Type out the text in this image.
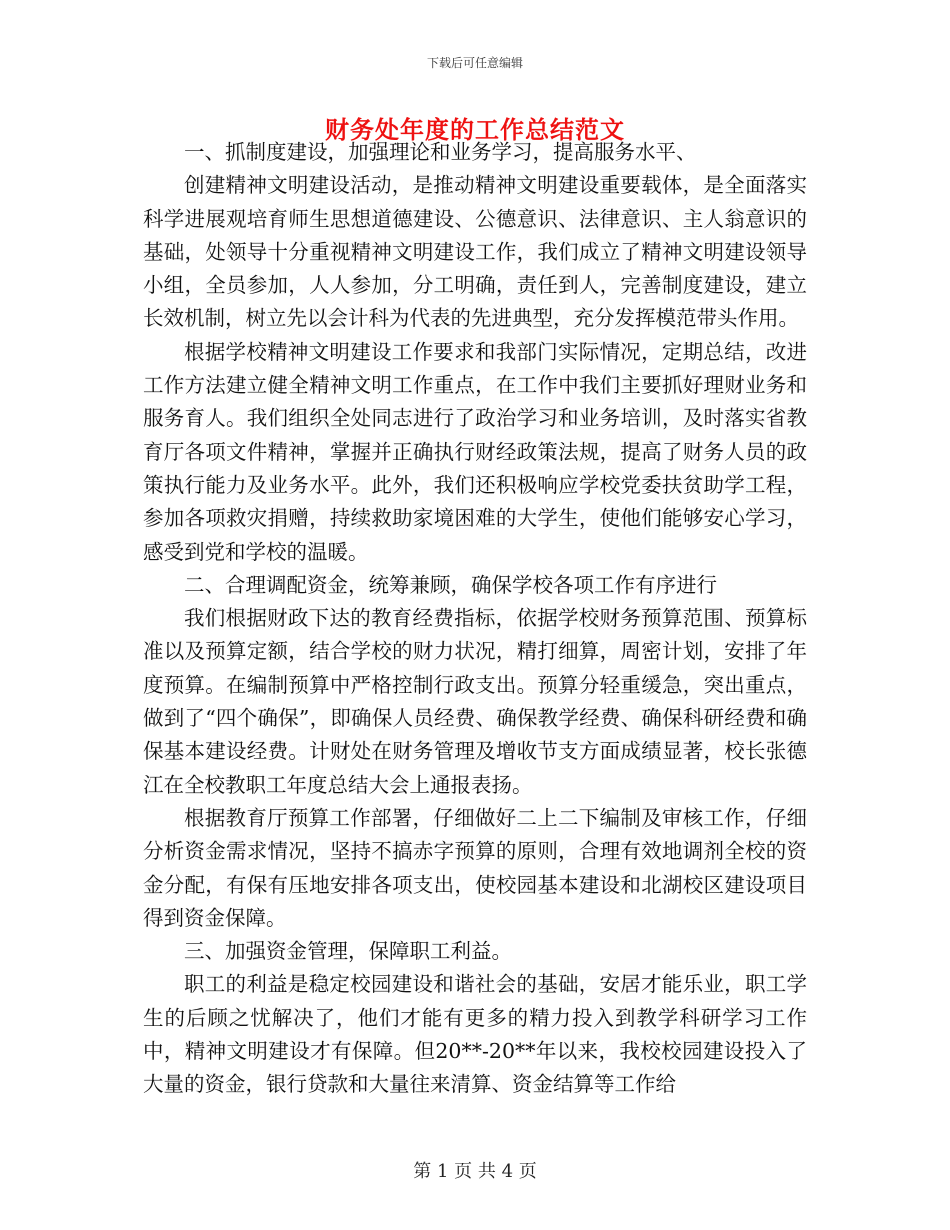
下载后可任意编辑
财务处年度的工作总结范文

一、抓制度建设，加强理论和业务学习，提高服务水平、

创建精神文明建设活动，是推动精神文明建设重要载体，是全面落实科学进展观培育师生思想道德建设、公德意识、法律意识、主人翁意识的基础，处领导十分重视精神文明建设工作，我们成立了精神文明建设领导小组，全员参加，人人参加，分工明确，责任到人，完善制度建设，建立长效机制，树立先以会计科为代表的先进典型，充分发挥模范带头作用。

根据学校精神文明建设工作要求和我部门实际情况，定期总结，改进工作方法建立健全精神文明工作重点，在工作中我们主要抓好理财业务和服务育人。我们组织全处同志进行了政治学习和业务培训，及时落实省教育厅各项文件精神，掌握并正确执行财经政策法规，提高了财务人员的政策执行能力及业务水平。此外，我们还积极响应学校党委扶贫助学工程，参加各项救灾捐赠，持续救助家境困难的大学生，使他们能够安心学习，感受到党和学校的温暖。

二、合理调配资金，统筹兼顾，确保学校各项工作有序进行

我们根据财政下达的教育经费指标，依据学校财务预算范围、预算标准以及预算定额，结合学校的财力状况，精打细算，周密计划，安排了年度预算。在编制预算中严格控制行政支出。预算分轻重缓急，突出重点，做到了“四个确保”，即确保人员经费、确保教学经费、确保科研经费和确保基本建设经费。计财处在财务管理及增收节支方面成绩显著，校长张德江在全校教职工年度总结大会上通报表扬。

根据教育厅预算工作部署，仔细做好二上二下编制及审核工作，仔细分析资金需求情况，坚持不搞赤字预算的原则，合理有效地调剂全校的资金分配，有保有压地安排各项支出，使校园基本建设和北湖校区建设项目得到资金保障。

三、加强资金管理，保障职工利益。

职工的利益是稳定校园建设和谐社会的基础，安居才能乐业，职工学生的后顾之忧解决了，他们才能有更多的精力投入到教学科研学习工作中，精神文明建设才有保障。但20**-20**年以来，我校校园建设投入了大量的资金，银行贷款和大量往来清算、资金结算等工作给

第 1 页 共 4 页
